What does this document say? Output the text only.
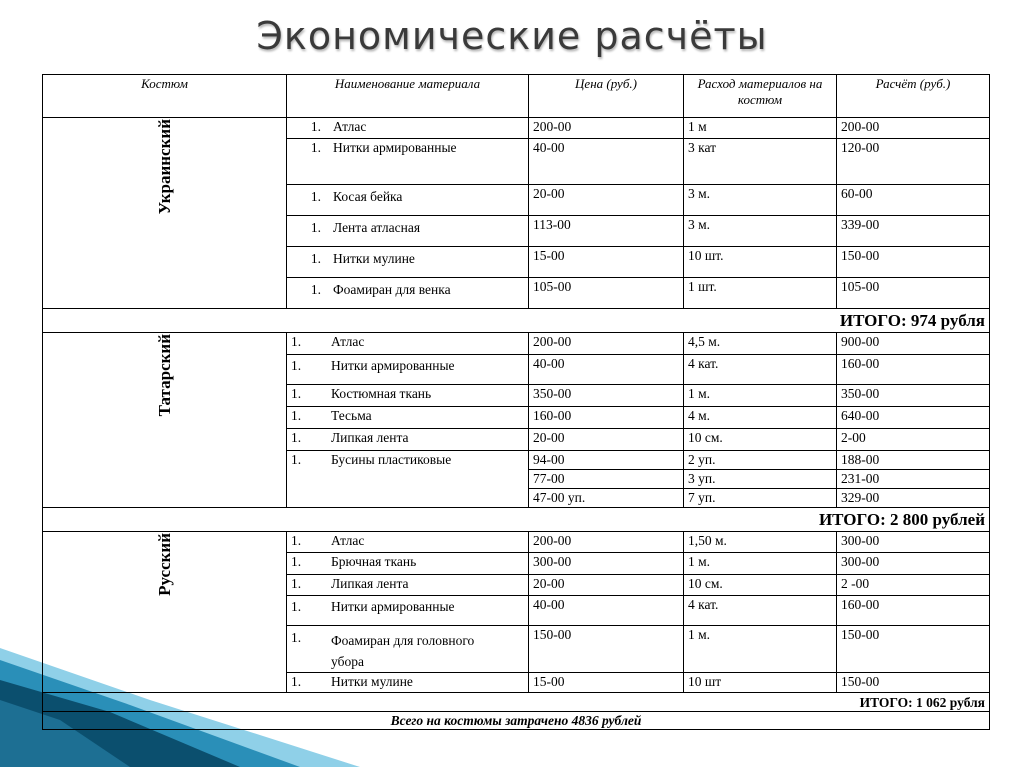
Экономические расчёты
Костюм	Наименование материала	Цена (руб.)	Расход материалов на костюм	Расчёт (руб.)
Украинский	1. Атлас	200-00	1 м	200-00
	1. Нитки армированные	40-00	3 кат	120-00
	1. Косая бейка	20-00	3 м.	60-00
	1. Лента атласная	113-00	3 м.	339-00
	1. Нитки мулине	15-00	10 шт.	150-00
	1. Фоамиран для венка	105-00	1 шт.	105-00
ИТОГО: 974 рубля				
Татарский	1. Атлас	200-00	4,5 м.	900-00
	1. Нитки армированные	40-00	4 кат.	160-00
	1. Костюмная ткань	350-00	1 м.	350-00
	1. Тесьма	160-00	4 м.	640-00
	1. Липкая лента	20-00	10 см.	2-00
	1. Бусины пластиковые	94-00	2 уп.	188-00
		77-00	3 уп.	231-00
		47-00 уп.	7 уп.	329-00
ИТОГО: 2 800 рублей				
Русский	1. Атлас	200-00	1,50 м.	300-00
	1. Брючная ткань	300-00	1 м.	300-00
	1. Липкая лента	20-00	10 см.	2 -00
	1. Нитки армированные	40-00	4 кат.	160-00
	1. Фоамиран для головного убора	150-00	1 м.	150-00
	1. Нитки мулине	15-00	10 шт	150-00
ИТОГО: 1 062 рубля				
Всего на костюмы затрачено 4836 рублей				
